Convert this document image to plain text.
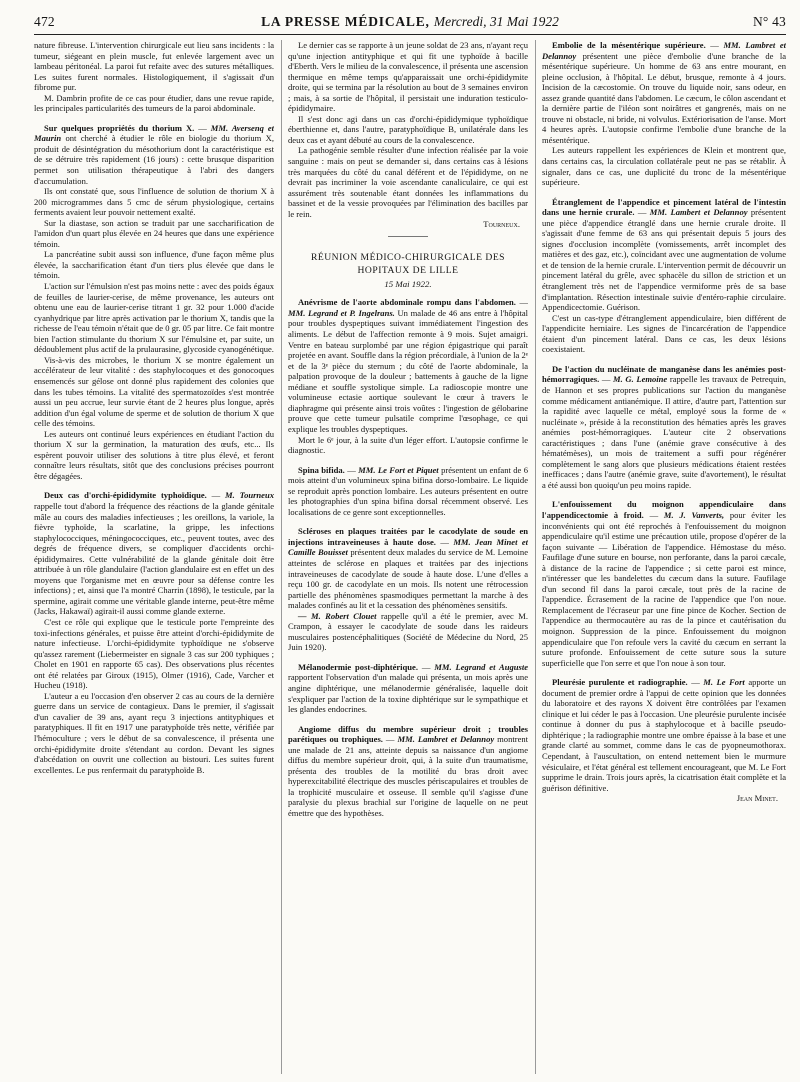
472	LA PRESSE MÉDICALE, Mercredi, 31 Mai 1922	N° 43

nature fibreuse. L'intervention chirurgicale eut lieu sans incidents : la tumeur, siégeant en plein muscle, fut enlevée largement avec un lambeau péritonéal. La paroi fut refaite avec des sutures métalliques. Les suites furent normales. Histologiquement, il s'agissait d'un fibrome pur.

M. Dambrin profite de ce cas pour étudier, dans une revue rapide, les principales particularités des tumeurs de la paroi abdominale.

Sur quelques propriétés du thorium X. — MM. Aversenq et Maurin ont cherché à étudier le rôle en biologie du thorium X, produit de désintégration du mésothorium dont la caractéristique est de se détruire très rapidement (16 jours) : cette brusque disparition permet son utilisation thérapeutique à l'abri des dangers d'accumulation.

Ils ont constaté que, sous l'influence de solution de thorium X à 200 microgrammes dans 5 cmc de sérum physiologique, certains ferments avaient leur pouvoir nettement exalté.

Sur la diastase, son action se traduit par une saccharification de l'amidon d'un quart plus élevée en 24 heures que dans une expérience témoin.

La pancréatine subit aussi son influence, d'une façon même plus élevée, la saccharification étant d'un tiers plus élevée que dans le témoin.

L'action sur l'émulsion n'est pas moins nette : avec des poids égaux de feuilles de laurier-cerise, de même provenance, les auteurs ont obtenu une eau de laurier-cerise titrant 1 gr. 32 pour 1.000 d'acide cyanhydrique par litre après activation par le thorium X, tandis que la richesse de l'eau témoin n'était que de 0 gr. 05 par litre. Ce fait montre bien l'action stimulante du thorium X sur l'émulsine et, par suite, un dédoublement plus actif de la prulaurasine, glycoside cyanogénétique.

Vis-à-vis des microbes, le thorium X se montre également un accélérateur de leur vitalité : des staphylocoques et des gonocoques ensemencés sur gélose ont donné plus rapidement des colonies que dans les tubes témoins. La vitalité des spermatozoïdes s'est montrée aussi un peu accrue, leur survie étant de 2 heures plus longue, après addition d'un égal volume de sperme et de solution de thorium X que celle des témoins.

Les auteurs ont continué leurs expériences en étudiant l'action du thorium X sur la germination, la maturation des œufs, etc... Ils espèrent pouvoir utiliser des solutions à titre plus élevé, et feront connaître leurs résultats, sitôt que des conclusions précises pourront être dégagées.

Deux cas d'orchi-épididymite typhoïdique. — M. Tourneux rappelle tout d'abord la fréquence des réactions de la glande génitale mâle au cours des maladies infectieuses ; les oreillons, la variole, la fièvre typhoïde, la scarlatine, la grippe, les infections staphylococciques, méningococciques, etc., peuvent toutes, avec des degrés de fréquence divers, se compliquer d'accidents orchi-épididymaires. Cette vulnérabilité de la glande génitale doit être attribuée à un rôle glandulaire (l'action glandulaire est en effet un des moyens que l'organisme met en œuvre pour sa défense contre les infections) ; et, ainsi que l'a montré Charrin (1898), le testicule, par la spermine, agirait comme une véritable glande interne, peut-être même (Jacks, Hakawaï) agirait-il aussi comme glande externe.

C'est ce rôle qui explique que le testicule porte l'empreinte des toxi-infections générales, et puisse être atteint d'orchi-épididymite de nature infectieuse. L'orchi-épididymite typhoïdique ne s'observe qu'assez rarement (Liebermeister en signale 3 cas sur 200 typhiques ; Cholet en 1901 en rapporte 65 cas). Des observations plus récentes ont été relatées par Giroux (1915), Olmer (1916), Cade, Varcher et Hucheu (1918).

L'auteur a eu l'occasion d'en observer 2 cas au cours de la dernière guerre dans un service de contagieux. Dans le premier, il s'agissait d'un cavalier de 39 ans, ayant reçu 3 injections antityphiques et paratyphiques. Il fit en 1917 une paratyphoïde très nette, vérifiée par l'hémoculture ; vers le début de sa convalescence, il présenta une orchi-épididymite droite s'étendant au cordon. Devant les signes d'abcédation on ouvrit une collection au bistouri. Les suites furent excellentes. Le pus renfermait du paratyphoïde B.

Le dernier cas se rapporte à un jeune soldat de 23 ans, n'ayant reçu qu'une injection antityphique et qui fit une typhoïde à bacille d'Eberth. Vers le milieu de la convalescence, il présenta une ascension thermique en même temps qu'apparaissait une orchi-épididymite droite, qui se termina par la résolution au bout de 3 semaines environ ; mais, à sa sortie de l'hôpital, il persistait une induration testiculo-épididymaire.

Il s'est donc agi dans un cas d'orchi-épididymique typhoïdique éberthienne et, dans l'autre, paratyphoïdique B, unilatérale dans les deux cas et ayant débuté au cours de la convalescence.

La pathogénie semble résulter d'une infection réalisée par la voie sanguine : mais on peut se demander si, dans certains cas à lésions très marquées du côté du canal déférent et de l'épididyme, on ne devrait pas incriminer la voie ascendante canaliculaire, ce qui est assurément très soutenable étant données les inflammations du bassinet et de la vessie provoquées par l'élimination des bacilles par le rein.

Tourneux.

RÉUNION MÉDICO-CHIRURGICALE DES HOPITAUX DE LILLE
15 Mai 1922.

Anévrisme de l'aorte abdominale rompu dans l'abdomen. — MM. Legrand et P. Ingelrans. Un malade de 46 ans entre à l'hôpital pour troubles dyspeptiques suivant immédiatement l'ingestion des aliments. Le début de l'affection remonte à 9 mois. Sujet amaigri. Ventre en bateau surplombé par une région épigastrique qui paraît projetée en avant. Souffle dans la région précordiale, à l'union de la 2ᵉ et de la 3ᵉ pièce du sternum ; du côté de l'aorte abdominale, la palpation provoque de la douleur ; battements à gauche de la ligne médiane et souffle systolique simple. La radioscopie montre une volumineuse ectasie aortique soulevant le cœur à travers le diaphragme qui présente ainsi trois voûtes : l'ingestion de gélobarine prouve que cette tumeur pulsatile comprime l'œsophage, ce qui explique les troubles dyspeptiques.

Mort le 6ᵉ jour, à la suite d'un léger effort. L'autopsie confirme le diagnostic.

Spina bifida. — MM. Le Fort et Piquet présentent un enfant de 6 mois atteint d'un volumineux spina bifina dorso-lombaire. Le liquide se reproduit après ponction lombaire. Les auteurs présentent en outre les photographies d'un spina bifina dorsal récemment observé. Les localisations de ce genre sont exceptionnelles.

Scléroses en plaques traitées par le cacodylate de soude en injections intraveineuses à haute dose. — MM. Jean Minet et Camille Bouisset présentent deux malades du service de M. Lemoine atteintes de sclérose en plaques et traitées par des injections intraveineuses de cacodylate de soude à haute dose. L'une d'elles a reçu 100 gr. de cacodylate en un mois. Ils notent une rétrocession partielle des phénomènes spasmodiques permettant la marche à des malades confinés au lit et la cessation des phénomènes sensitifs.

— M. Robert Clouet rappelle qu'il a été le premier, avec M. Crampon, à essayer le cacodylate de soude dans les raideurs musculaires postencéphalitiques (Société de Médecine du Nord, 25 Juin 1920).

Mélanodermie post-diphtérique. — MM. Legrand et Auguste rapportent l'observation d'un malade qui présenta, un mois après une angine diphtérique, une mélanodermie généralisée, laquelle doit s'expliquer par l'action de la toxine diphtérique sur le sympathique et les glandes endocrines.

Angiome diffus du membre supérieur droit ; troubles parétiques ou trophiques. — MM. Lambret et Delannoy montrent une malade de 21 ans, atteinte depuis sa naissance d'un angiome diffus du membre supérieur droit, qui, à la suite d'un traumatisme, présenta des troubles de la motilité du bras droit avec hyperexcitabilité électrique des muscles périscapulaires et troubles de la trophicité musculaire et osseuse. Il semble qu'il s'agisse d'une paralysie du plexus brachial sur l'origine de laquelle on ne peut émettre que des hypothèses.

Embolie de la mésentérique supérieure. — MM. Lambret et Delannoy présentent une pièce d'embolie d'une branche de la mésentérique supérieure. Un homme de 63 ans entre mourant, en pleine occlusion, à l'hôpital. Le début, brusque, remonte à 4 jours. Incision de la cæcostomie. On trouve du liquide noir, sans odeur, en assez grande quantité dans l'abdomen. Le cæcum, le côlon ascendant et la dernière partie de l'iléon sont noirâtres et gangrenés, mais on ne trouve ni obstacle, ni bride, ni volvulus. Extériorisation de l'anse. Mort 4 heures après. L'autopsie confirme l'embolie d'une branche de la mésentérique.

Les auteurs rappellent les expériences de Klein et montrent que, dans certains cas, la circulation collatérale peut ne pas se rétablir. À signaler, dans ce cas, une duplicité du tronc de la mésentérique supérieure.

Étranglement de l'appendice et pincement latéral de l'intestin dans une hernie crurale. — MM. Lambert et Delannoy présentent une pièce d'appendice étranglé dans une hernie crurale droite. Il s'agissait d'une femme de 63 ans qui présentait depuis 5 jours des signes d'occlusion incomplète (vomissements, arrêt incomplet des matières et des gaz, etc.), coïncidant avec une augmentation de volume et de tension de la hernie crurale. L'intervention permit de découvrir un pincement latéral du grêle, avec sphacèle du sillon de striction et un étranglement très net de l'appendice vermiforme près de sa base d'implantation. Résection intestinale suivie d'entéro-raphie circulaire. Appendicectomie. Guérison.

C'est un cas-type d'étranglement appendiculaire, bien différent de l'appendicite herniaire. Les signes de l'incarcération de l'appendice étaient d'un pincement latéral. Dans ce cas, les deux lésions coexistaient.

De l'action du nucléinate de manganèse dans les anémies post-hémorragiques. — M. G. Lemoine rappelle les travaux de Petrequin, de Hannon et ses propres publications sur l'action du manganèse comme médicament antianémique. Il attire, d'autre part, l'attention sur la rapidité avec laquelle ce métal, employé sous la forme de « nucléinate », préside à la reconstitution des hématies après les graves anémies post-hémorragiques. L'auteur cite 2 observations caractéristiques ; dans l'une (anémie grave consécutive à des hématémèses), un mois de traitement a suffi pour régénérer complètement le sang alors que plusieurs médications étaient restées inefficaces ; dans l'autre (anémie grave, suite d'avortement), le résultat a été aussi bon quoiqu'un peu moins rapide.

L'enfouissement du moignon appendiculaire dans l'appendicectomie à froid. — M. J. Vanverts, pour éviter les inconvénients qui ont été reprochés à l'enfouissement du moignon appendiculaire qu'il estime une précaution utile, propose d'opérer de la façon suivante — Libération de l'appendice. Hémostase du méso. Faufilage d'une suture en bourse, non perforante, dans la paroi cæcale, à distance de la racine de l'appendice ; si cette paroi est mince, n'intéresser que les bandelettes du cæcum dans la suture. Faufilage d'un second fil dans la paroi cæcale, tout près de la racine de l'appendice. Écrasement de la racine de l'appendice que l'on noue. Remplacement de l'écraseur par une fine pince de Kocher. Section de l'appendice au thermocautère au ras de la pince et cautérisation du moignon. Suppression de la pince. Enfouissement du moignon appendiculaire que l'on refoule vers la cavité du cæcum en serrant la suture profonde. Enfouissement de cette suture sous la suture superficielle que l'on serre et que l'on noue à son tour.

Pleurésie purulente et radiographie. — M. Le Fort apporte un document de premier ordre à l'appui de cette opinion que les données du laboratoire et des rayons X doivent être contrôlées par l'examen clinique et lui céder le pas à l'occasion. Une pleurésie purulente incisée continue à donner du pus à staphylocoque et à bacille pseudo-diphtérique ; la radiographie montre une ombre épaisse à la base et une grande clarté au sommet, comme dans le cas de pyopneumothorax. Cependant, à l'auscultation, on entend nettement bien le murmure vésiculaire, et l'état général est tellement encourageant, que M. Le Fort supprime le drain. Trois jours après, la cicatrisation était complète et la guérison définitive.

Jean Minet.
